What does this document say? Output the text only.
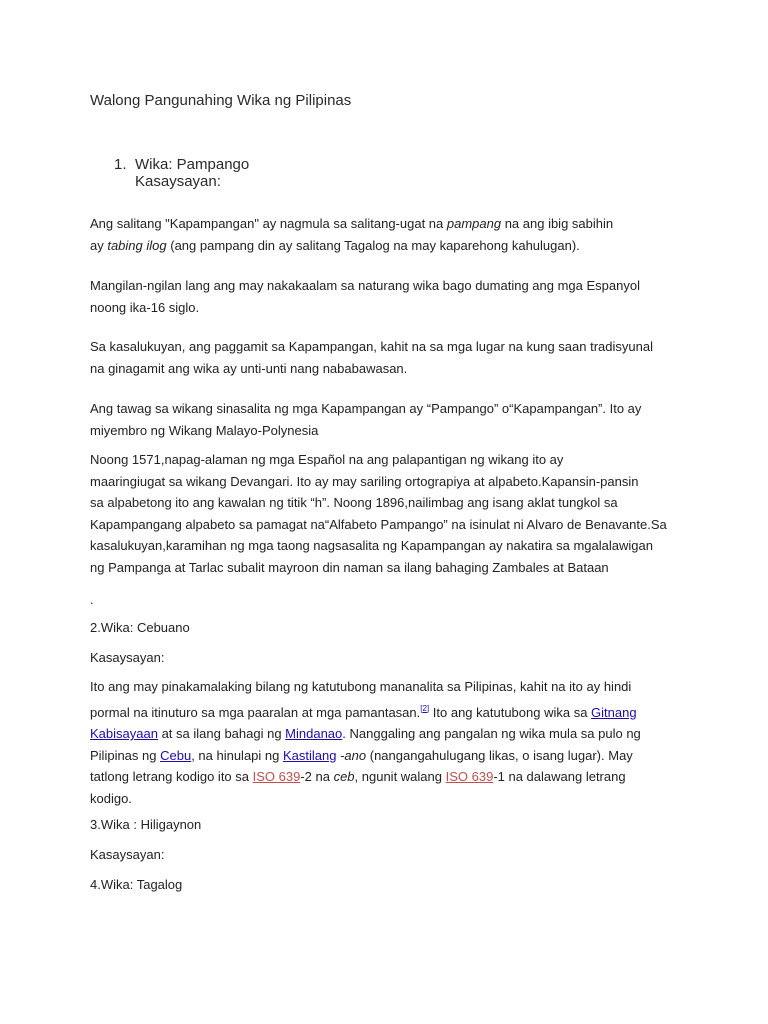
Walong Pangunahing Wika ng Pilipinas
1. Wika: Pampango
Kasaysayan:

Ang salitang "Kapampangan" ay nagmula sa salitang-ugat na pampang na ang ibig sabihin
ay tabing ilog (ang pampang din ay salitang Tagalog na may kaparehong kahulugan).

Mangilan-ngilan lang ang may nakakaalam sa naturang wika bago dumating ang mga Espanyol
noong ika-16 siglo.

Sa kasalukuyan, ang paggamit sa Kapampangan, kahit na sa mga lugar na kung saan tradisyunal
na ginagamit ang wika ay unti-unti nang nababawasan.

Ang tawag sa wikang sinasalita ng mga Kapampangan ay “Pampango” o“Kapampangan”. Ito ay
miyembro ng Wikang Malayo-Polynesia

Noong 1571,napag-alaman ng mga Español na ang palapantigan ng wikang ito ay
maaringiugat sa wikang Devangari. Ito ay may sariling ortograpiya at alpabeto.Kapansin-pansin
sa alpabetong ito ang kawalan ng titik “h”. Noong 1896,nailimbag ang isang aklat tungkol sa
Kapampangang alpabeto sa pamagat na“Alfabeto Pampango” na isinulat ni Alvaro de Benavante.Sa
kasalukuyan,karamihan ng mga taong nagsasalita ng Kapampangan ay nakatira sa mgalalawigan
ng Pampanga at Tarlac subalit mayroon din naman sa ilang bahaging Zambales at Bataan

.

2.Wika: Cebuano

Kasaysayan:

Ito ang may pinakamalaking bilang ng katutubong mananalita sa Pilipinas, kahit na ito ay hindi
pormal na itinuturo sa mga paaralan at mga pamantasan.[2] Ito ang katutubong wika sa Gitnang
Kabisayaan at sa ilang bahagi ng Mindanao. Nanggaling ang pangalan ng wika mula sa pulo ng
Pilipinas ng Cebu, na hinulapi ng Kastilang -ano (nangangahulugang likas, o isang lugar). May
tatlong letrang kodigo ito sa ISO 639-2 na ceb, ngunit walang ISO 639-1 na dalawang letrang
kodigo.

3.Wika : Hiligaynon

Kasaysayan:

4.Wika: Tagalog
